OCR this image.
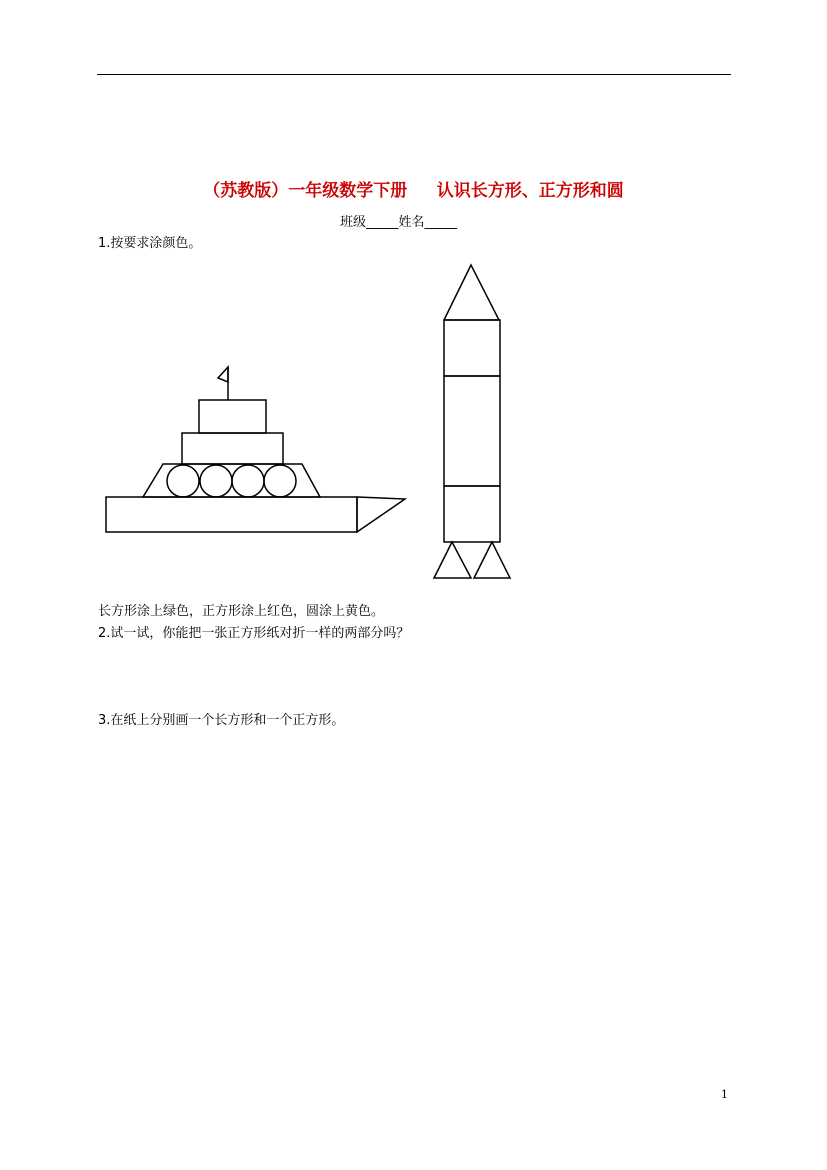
（苏教版）一年级数学下册     认识长方形、正方形和圆
班级_____姓名_____
1.按要求涂颜色。
长方形涂上绿色，正方形涂上红色，圆涂上黄色。
2.试一试，你能把一张正方形纸对折一样的两部分吗？
3.在纸上分别画一个长方形和一个正方形。
1
